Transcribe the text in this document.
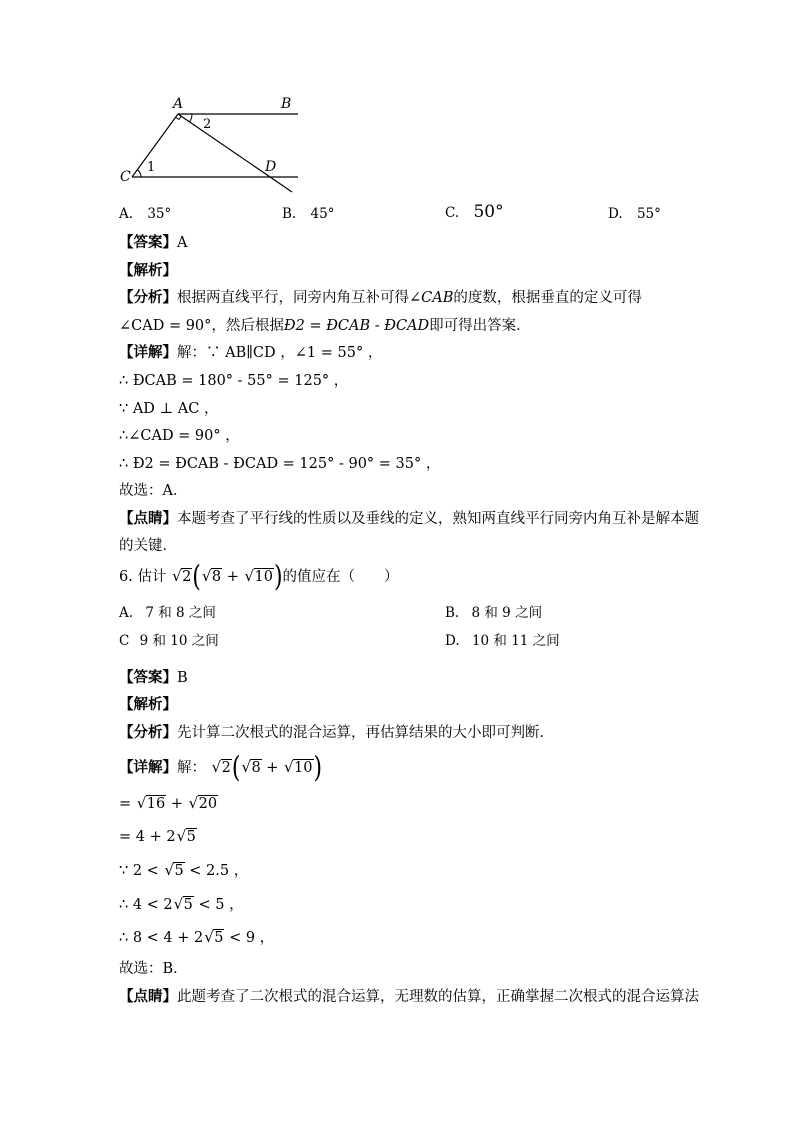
A	B
C
D
1
2
A. 35°	B. 45°	C. 50°	D. 55°
【答案】A
【解析】
【分析】根据两直线平行，同旁内角互补可得∠CAB的度数，根据垂直的定义可得
∠CAD = 90°，然后根据Ð2 = ÐCAB - ÐCAD即可得出答案．
【详解】解：∵ AB∥CD ，∠1 = 55° ，
∴ ÐCAB = 180° - 55° = 125° ，
∵ AD ⊥ AC ，
∴∠CAD = 90° ，
∴ Ð2 = ÐCAB - ÐCAD = 125° - 90° = 35° ，
故选：A．
【点睛】本题考查了平行线的性质以及垂线的定义，熟知两直线平行同旁内角互补是解本题
的关键．
6. 估计 √ 2( √ 8 + √ 10)的值应在（　　）
A. 7 和 8 之间	B. 8 和 9 之间
C 9 和 10 之间	D. 10 和 11 之间
【答案】B
【解析】
【分析】先计算二次根式的混合运算，再估算结果的大小即可判断．
【详解】解： √ 2( √ 8 + √ 10)
= √ 16 + √ 20
= 4 + 2 √ 5
∵ 2 < √ 5 < 2.5 ，
∴ 4 < 2 √ 5 < 5 ，
∴ 8 < 4 + 2 √ 5 < 9 ，
故选：B．
【点睛】此题考查了二次根式的混合运算，无理数的估算，正确掌握二次根式的混合运算法
